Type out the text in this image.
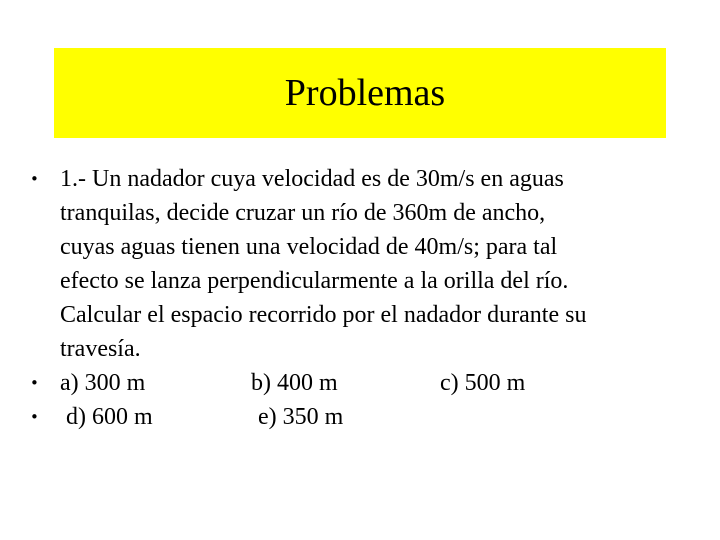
Problemas
• 1.- Un nadador cuya velocidad es de 30m/s en aguas
tranquilas, decide cruzar un río de 360m de ancho,
cuyas aguas tienen una velocidad de 40m/s; para tal
efecto se lanza perpendicularmente a la orilla del río.
Calcular el espacio recorrido por el nadador durante su
travesía.
• a) 300 m	b) 400 m	c) 500 m
•	d) 600 m	e) 350 m
